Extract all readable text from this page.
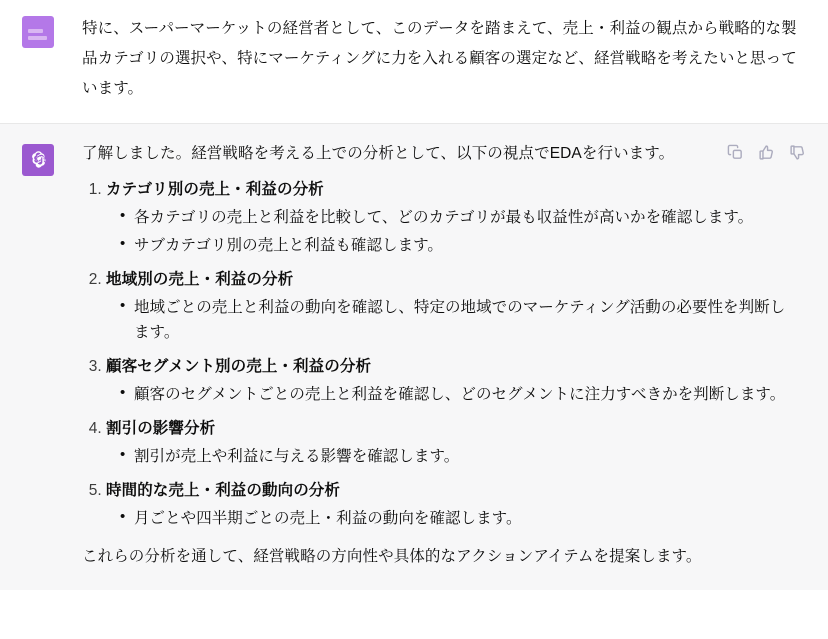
特に、スーパーマーケットの経営者として、このデータを踏まえて、売上・利益の観点から戦略的な製品カテゴリの選択や、特にマーケティングに力を入れる顧客の選定など、経営戦略を考えたいと思っています。

了解しました。経営戦略を考える上での分析として、以下の視点でEDAを行います。

1. カテゴリ別の売上・利益の分析
• 各カテゴリの売上と利益を比較して、どのカテゴリが最も収益性が高いかを確認します。
• サブカテゴリ別の売上と利益も確認します。
2. 地域別の売上・利益の分析
• 地域ごとの売上と利益の動向を確認し、特定の地域でのマーケティング活動の必要性を判断します。
3. 顧客セグメント別の売上・利益の分析
• 顧客のセグメントごとの売上と利益を確認し、どのセグメントに注力すべきかを判断します。
4. 割引の影響分析
• 割引が売上や利益に与える影響を確認します。
5. 時間的な売上・利益の動向の分析
• 月ごとや四半期ごとの売上・利益の動向を確認します。

これらの分析を通して、経営戦略の方向性や具体的なアクションアイテムを提案します。
